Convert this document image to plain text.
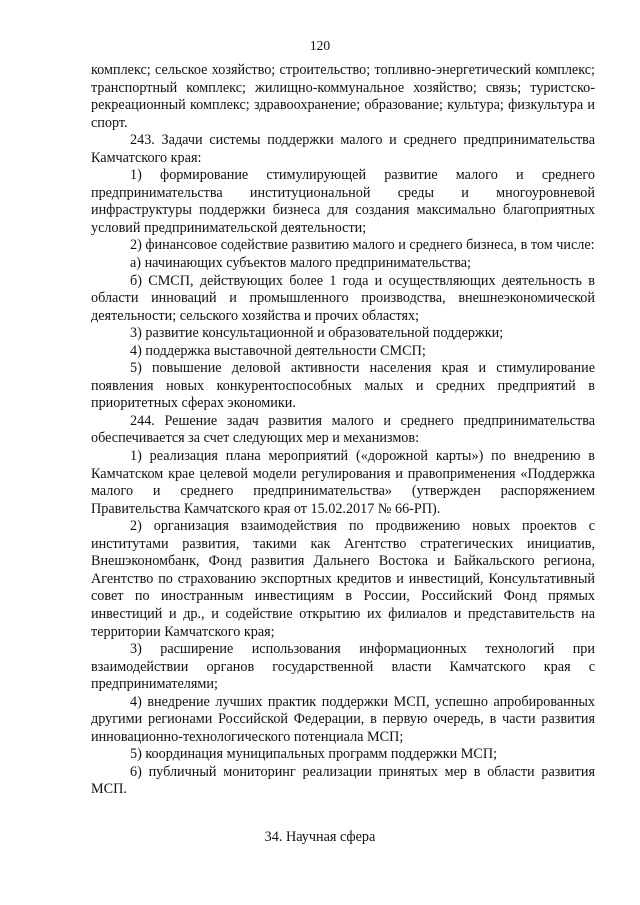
120

комплекс; сельское хозяйство; строительство; топливно-энергетический комплекс; транспортный комплекс; жилищно-коммунальное хозяйство; связь; туристско-рекреационный комплекс; здравоохранение; образование; культура; физкультура и спорт.

243. Задачи системы поддержки малого и среднего предпринимательства Камчатского края:

1) формирование стимулирующей развитие малого и среднего предпринимательства институциональной среды и многоуровневой инфраструктуры поддержки бизнеса для создания максимально благоприятных условий предпринимательской деятельности;

2) финансовое содействие развитию малого и среднего бизнеса, в том числе:

а) начинающих субъектов малого предпринимательства;

б) СМСП, действующих более 1 года и осуществляющих деятельность в области инноваций и промышленного производства, внешнеэкономической деятельности; сельского хозяйства и прочих областях;

3) развитие консультационной и образовательной поддержки;

4) поддержка выставочной деятельности СМСП;

5) повышение деловой активности населения края и стимулирование появления новых конкурентоспособных малых и средних предприятий в приоритетных сферах экономики.

244. Решение задач развития малого и среднего предпринимательства обеспечивается за счет следующих мер и механизмов:

1) реализация плана мероприятий («дорожной карты») по внедрению в Камчатском крае целевой модели регулирования и правоприменения «Поддержка малого и среднего предпринимательства» (утвержден распоряжением Правительства Камчатского края от 15.02.2017 № 66-РП).

2) организация взаимодействия по продвижению новых проектов с институтами развития, такими как Агентство стратегических инициатив, Внешэкономбанк, Фонд развития Дальнего Востока и Байкальского региона, Агентство по страхованию экспортных кредитов и инвестиций, Консультативный совет по иностранным инвестициям в России, Российский Фонд прямых инвестиций и др., и содействие открытию их филиалов и представительств на территории Камчатского края;

3) расширение использования информационных технологий при взаимодействии органов государственной власти Камчатского края с предпринимателями;

4) внедрение лучших практик поддержки МСП, успешно апробированных другими регионами Российской Федерации, в первую очередь, в части развития инновационно-технологического потенциала МСП;

5) координация муниципальных программ поддержки МСП;

6) публичный мониторинг реализации принятых мер в области развития МСП.

34. Научная сфера
